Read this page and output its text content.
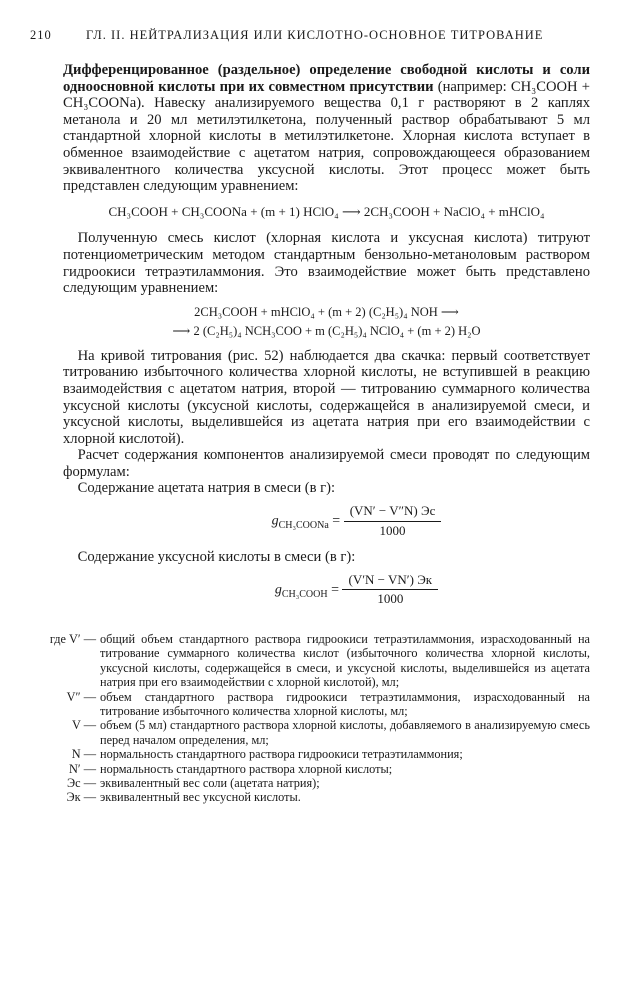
210	ГЛ. II. НЕЙТРАЛИЗАЦИЯ ИЛИ КИСЛОТНО-ОСНОВНОЕ ТИТРОВАНИЕ

Дифференцированное (раздельное) определение свободной кислоты и соли одноосновной кислоты при их совместном присутствии (например: CH₃COOH + CH₃COONa). Навеску анализируемого вещества 0,1 г растворяют в 2 каплях метанола и 20 мл метилэтилкетона, полученный раствор обрабатывают 5 мл стандартной хлорной кислоты в метилэтилкетоне. Хлорная кислота вступает в обменное взаимодействие с ацетатом натрия, сопровождающееся образованием эквивалентного количества уксусной кислоты. Этот процесс может быть представлен следующим уравнением:

CH₃COOH + CH₃COONa + (m + 1) HClO₄ ⟶ 2CH₃COOH + NaClO₄ + mHClO₄

 Полученную смесь кислот (хлорная кислота и уксусная кислота) титруют потенциометрическим методом стандартным бензольно-метаноловым раствором гидроокиси тетраэтиламмония. Это взаимодействие может быть представлено следующим уравнением:

2CH₃COOH + mHClO₄ + (m + 2) (C₂H₅)₄ NOH ⟶
⟶ 2 (C₂H₅)₄ NCH₃COO + m (C₂H₅)₄ NClO₄ + (m + 2) H₂O

 На кривой титрования (рис. 52) наблюдается два скачка: первый соответствует титрованию избыточного количества хлорной кислоты, не вступившей в реакцию взаимодействия с ацетатом натрия, второй — титрованию суммарного количества уксусной кислоты (уксусной кислоты, содержащейся в анализируемой смеси, и уксусной кислоты, выделившейся из ацетата натрия при его взаимодействии с хлорной кислотой).

 Расчет содержания компонентов анализируемой смеси проводят по следующим формулам:

 Содержание ацетата натрия в смеси (в г):

$g_{CH_3COONa} = \frac{(VN' - V''N) Эс}{1000}$

 Содержание уксусной кислоты в смеси (в г):

$g_{CH_3COOH} = \frac{(V'N - VN') Эк}{1000}$
где V′ — общий объем стандартного раствора гидроокиси тетраэтиламмония, израсходованный на титрование суммарного количества кислот (избыточного количества хлорной кислоты, уксусной кислоты, содержащейся в смеси, и уксусной кислоты, выделившейся из ацетата натрия при его взаимодействии с хлорной кислотой), мл;
V″ — объем стандартного раствора гидроокиси тетраэтиламмония, израсходованный на титрование избыточного количества хлорной кислоты, мл;
V — объем (5 мл) стандартного раствора хлорной кислоты, добавляемого в анализируемую смесь перед началом определения, мл;
N — нормальность стандартного раствора гидроокиси тетраэтиламмония;
N′ — нормальность стандартного раствора хлорной кислоты;
Эс — эквивалентный вес соли (ацетата натрия);
Эк — эквивалентный вес уксусной кислоты.
